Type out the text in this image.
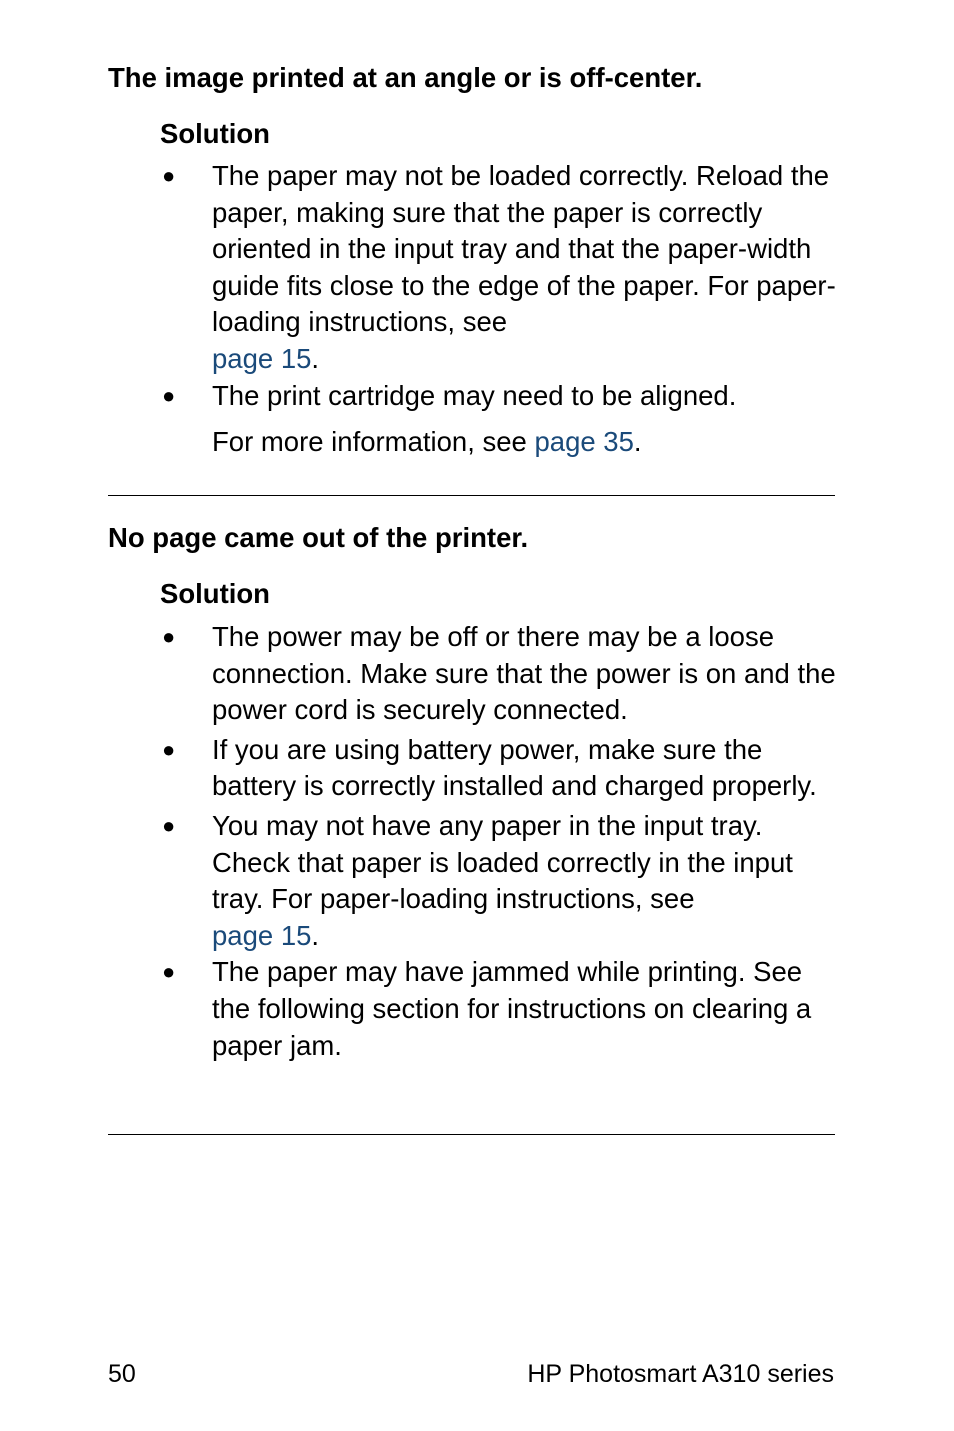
The image printed at an angle or is off-center.
Solution
● The paper may not be loaded correctly. Reload the paper, making sure that the paper is correctly oriented in the input tray and that the paper-width guide fits close to the edge of the paper. For paper-loading instructions, see
page 15.
● The print cartridge may need to be aligned.
For more information, see page 35.
No page came out of the printer.
Solution
● The power may be off or there may be a loose connection. Make sure that the power is on and the power cord is securely connected.
● If you are using battery power, make sure the battery is correctly installed and charged properly.
● You may not have any paper in the input tray. Check that paper is loaded correctly in the input tray. For paper-loading instructions, see
page 15.
● The paper may have jammed while printing. See the following section for instructions on clearing a paper jam.
50	HP Photosmart A310 series
